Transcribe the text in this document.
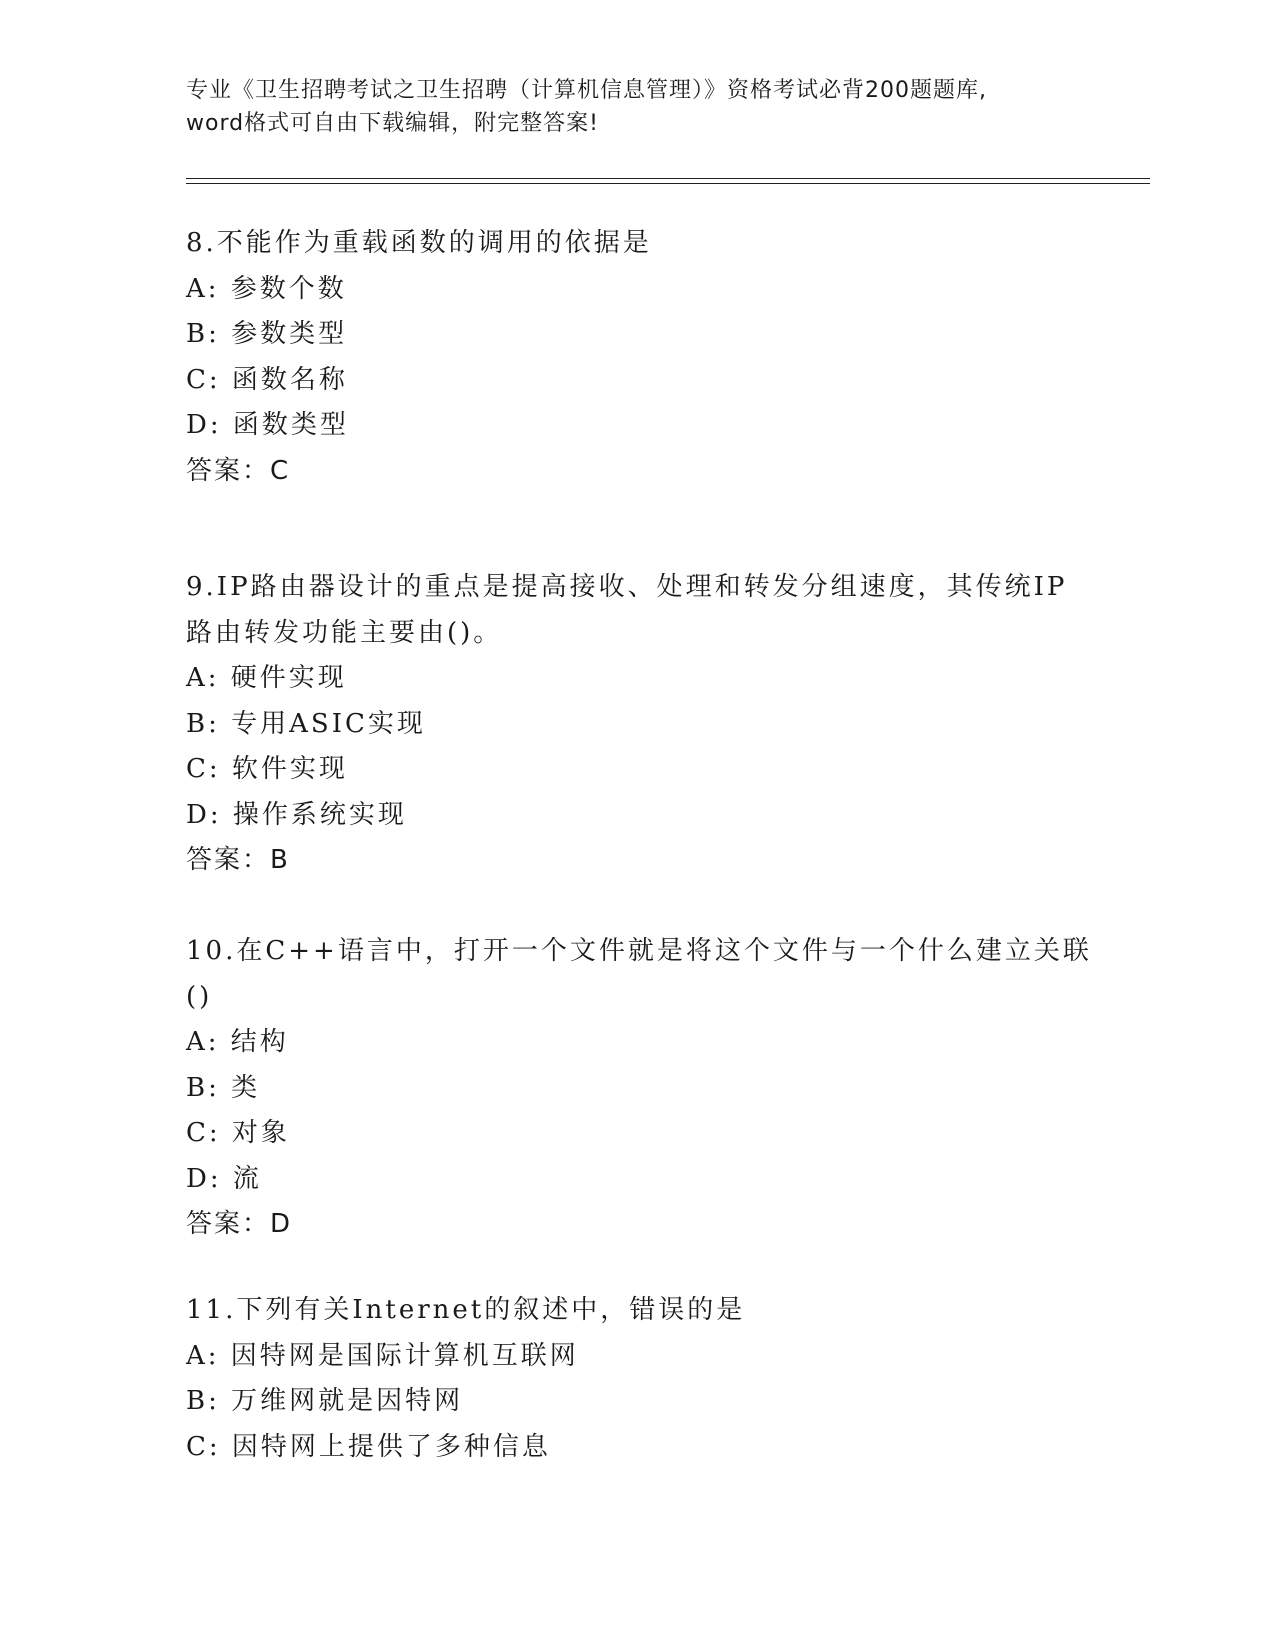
专业《卫生招聘考试之卫生招聘（计算机信息管理）》资格考试必背200题题库,
word格式可自由下载编辑，附完整答案!
8.不能作为重载函数的调用的依据是
A: 参数个数
B: 参数类型
C: 函数名称
D: 函数类型
答案：C
9.IP路由器设计的重点是提高接收、处理和转发分组速度，其传统IP
路由转发功能主要由()。
A: 硬件实现
B: 专用ASIC实现
C: 软件实现
D: 操作系统实现
答案：B
10.在C++语言中，打开一个文件就是将这个文件与一个什么建立关联
()
A: 结构
B: 类
C: 对象
D: 流
答案：D
11.下列有关Internet的叙述中，错误的是
A: 因特网是国际计算机互联网
B: 万维网就是因特网
C: 因特网上提供了多种信息
